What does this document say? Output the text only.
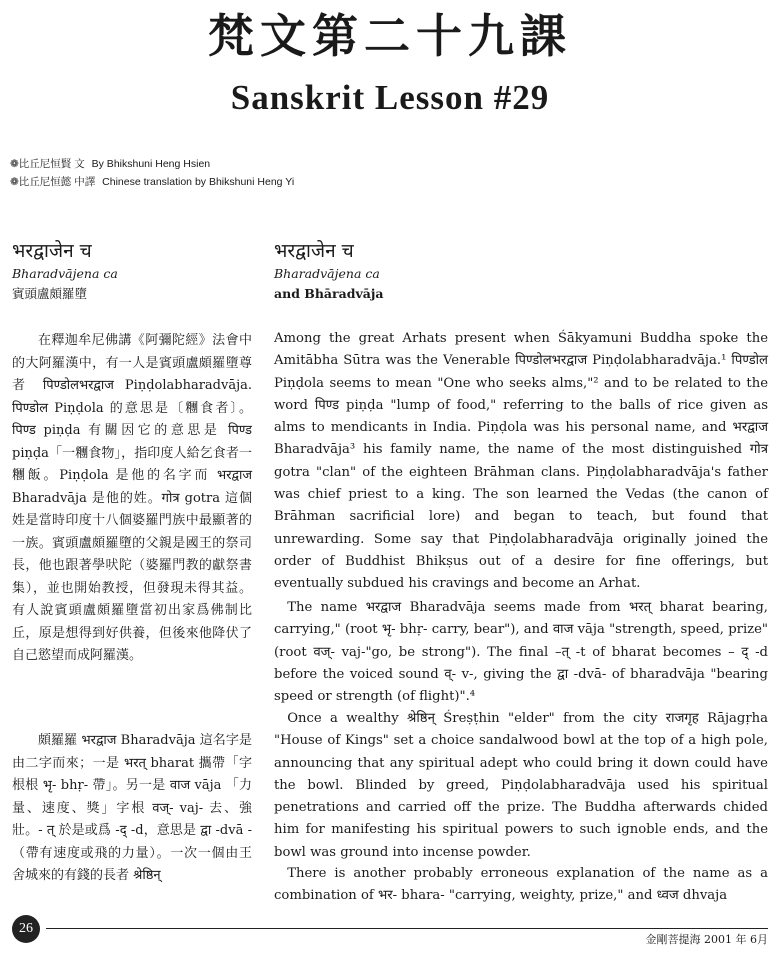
梵文第二十九課
Sanskrit Lesson #29
❁比丘尼恒賢 文 By Bhikshuni Heng Hsien
❁比丘尼恒懿 中譯 Chinese translation by Bhikshuni Heng Yi
भरद्वाजेन च
Bharadvājena ca
賓頭盧頗羅墮
भरद्वाजेन च
Bharadvājena ca
and Bhāradvāja
在釋迦牟尼佛講《阿彌陀經》法會中的大阿羅漢中，有一人是賓頭盧頗羅墮尊者 पिण्डोलभरद्वाज Piṇḍolabharadvāja. पिण्डोल Piṇḍola 的意思是〔糰食者〕。पिण्ड piṇḍa 有關因它的意思是 पिण्ड piṇḍa「一糰食物」，指印度人給乞食者一糰飯。Piṇḍola 是他的名字而 भरद्वाज Bharadvāja 是他的姓。गोत्र gotra 這個姓是當時印度十八個婆羅門族中最顯著的一族。賓頭盧頗羅墮的父親是國王的祭司長，他也跟著學吠陀（婆羅門教的獻祭書集），並也開始教授，但發現未得其益。有人說賓頭盧頗羅墮當初出家爲佛制比丘，原是想得到好供養，但後來他降伏了自己慾望而成阿羅漢。
頗羅羅 भरद्वाज Bharadvāja 這名字是由二字而來；一是 भरत् bharat 攜帶「字根根 भृ- bhṛ- 帶」。另一是 वाज vāja 「力量、速度、獎」字根 वज्- vaj- 去、強壯。- त् 於是或爲 -द् -d，意思是 द्वा -dvā -（帶有速度或飛的力量）。一次一個由王舍城來的有錢的長者 श्रेष्ठिन्
Among the great Arhats present when Śākyamuni Buddha spoke the Amitābha Sūtra was the Venerable पिण्डोलभरद्वाज Piṇḍolabharadvāja.¹ पिण्डोल Piṇḍola seems to mean "One who seeks alms,"² and to be related to the word पिण्ड piṇḍa "lump of food," referring to the balls of rice given as alms to mendicants in India. Piṇḍola was his personal name, and भरद्वाज Bharadvāja³ his family name, the name of the most distinguished गोत्र gotra "clan" of the eighteen Brāhman clans. Piṇḍolabharadvāja's father was chief priest to a king. The son learned the Vedas (the canon of Brāhman sacrificial lore) and began to teach, but found that unrewarding. Some say that Piṇḍolabharadvāja originally joined the order of Buddhist Bhikṣus out of a desire for fine offerings, but eventually subdued his cravings and become an Arhat.
The name भरद्वाज Bharadvāja seems made from भरत् bharat bearing, carrying," (root भृ- bhṛ- carry, bear"), and वाज vāja "strength, speed, prize" (root वज्- vaj-"go, be strong"). The final –त् -t of bharat becomes – द् -d before the voiced sound व्- v-, giving the द्वा -dvā- of bharadvāja "bearing speed or strength (of flight)".⁴
Once a wealthy श्रेष्ठिन् Śreṣṭhin "elder" from the city राजगृह Rājagṛha "House of Kings" set a choice sandalwood bowl at the top of a high pole, announcing that any spiritual adept who could bring it down could have the bowl. Blinded by greed, Piṇḍolabharadvāja used his spiritual penetrations and carried off the prize. The Buddha afterwards chided him for manifesting his spiritual powers to such ignoble ends, and the bowl was ground into incense powder.
There is another probably erroneous explanation of the name as a combination of भर- bhara- "carrying, weighty, prize," and ध्वज dhvaja
26
金剛菩提海 2001 年 6月
